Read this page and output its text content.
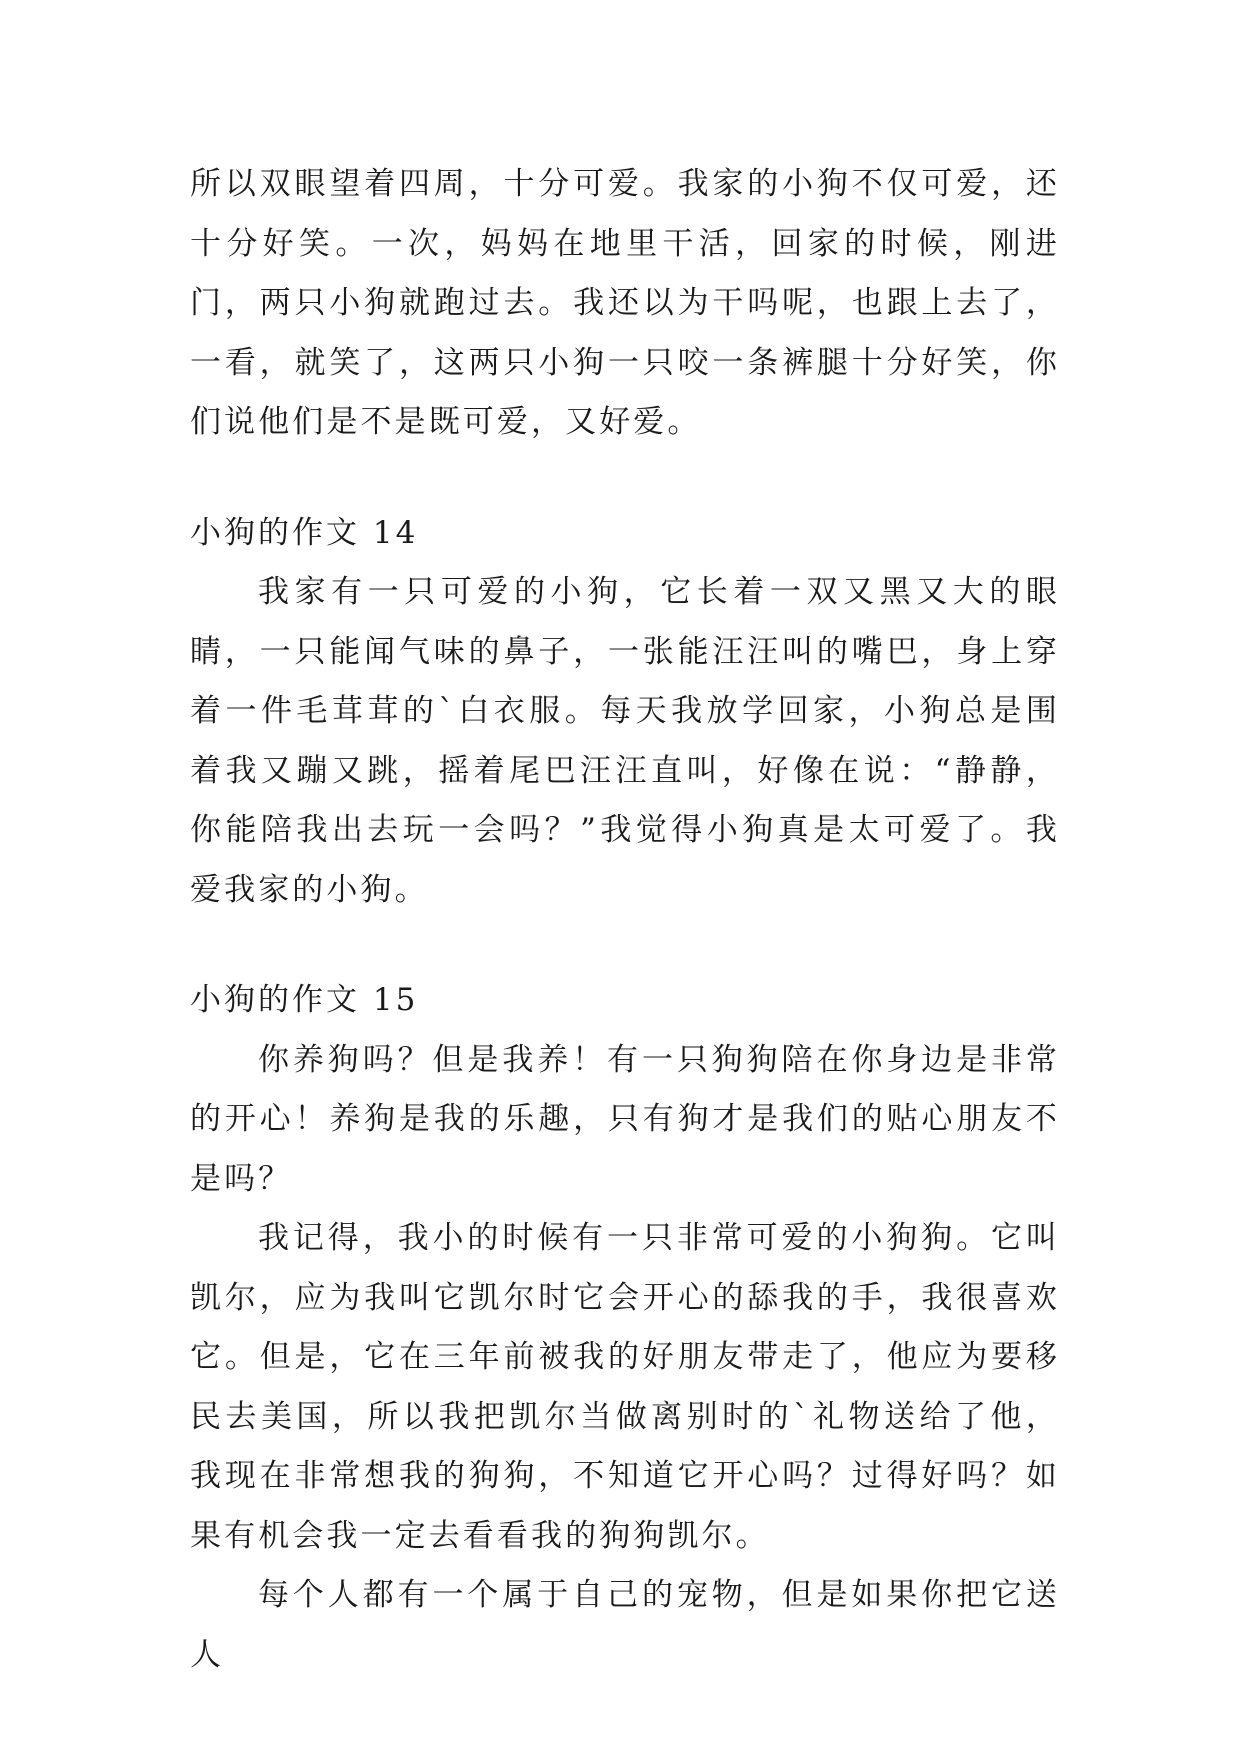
所以双眼望着四周，十分可爱。我家的小狗不仅可爱，还十分好笑。一次，妈妈在地里干活，回家的时候，刚进门，两只小狗就跑过去。我还以为干吗呢，也跟上去了，一看，就笑了，这两只小狗一只咬一条裤腿十分好笑，你们说他们是不是既可爱，又好爱。

小狗的作文 14

我家有一只可爱的小狗，它长着一双又黑又大的眼睛，一只能闻气味的鼻子，一张能汪汪叫的嘴巴，身上穿着一件毛茸茸的`白衣服。每天我放学回家，小狗总是围着我又蹦又跳，摇着尾巴汪汪直叫，好像在说：“静静，你能陪我出去玩一会吗？”我觉得小狗真是太可爱了。我爱我家的小狗。

小狗的作文 15

你养狗吗？但是我养！有一只狗狗陪在你身边是非常的开心！养狗是我的乐趣，只有狗才是我们的贴心朋友不是吗？

我记得，我小的时候有一只非常可爱的小狗狗。它叫凯尔，应为我叫它凯尔时它会开心的舔我的手，我很喜欢它。但是，它在三年前被我的好朋友带走了，他应为要移民去美国，所以我把凯尔当做离别时的`礼物送给了他，我现在非常想我的狗狗，不知道它开心吗？过得好吗？如果有机会我一定去看看我的狗狗凯尔。

每个人都有一个属于自己的宠物，但是如果你把它送人
